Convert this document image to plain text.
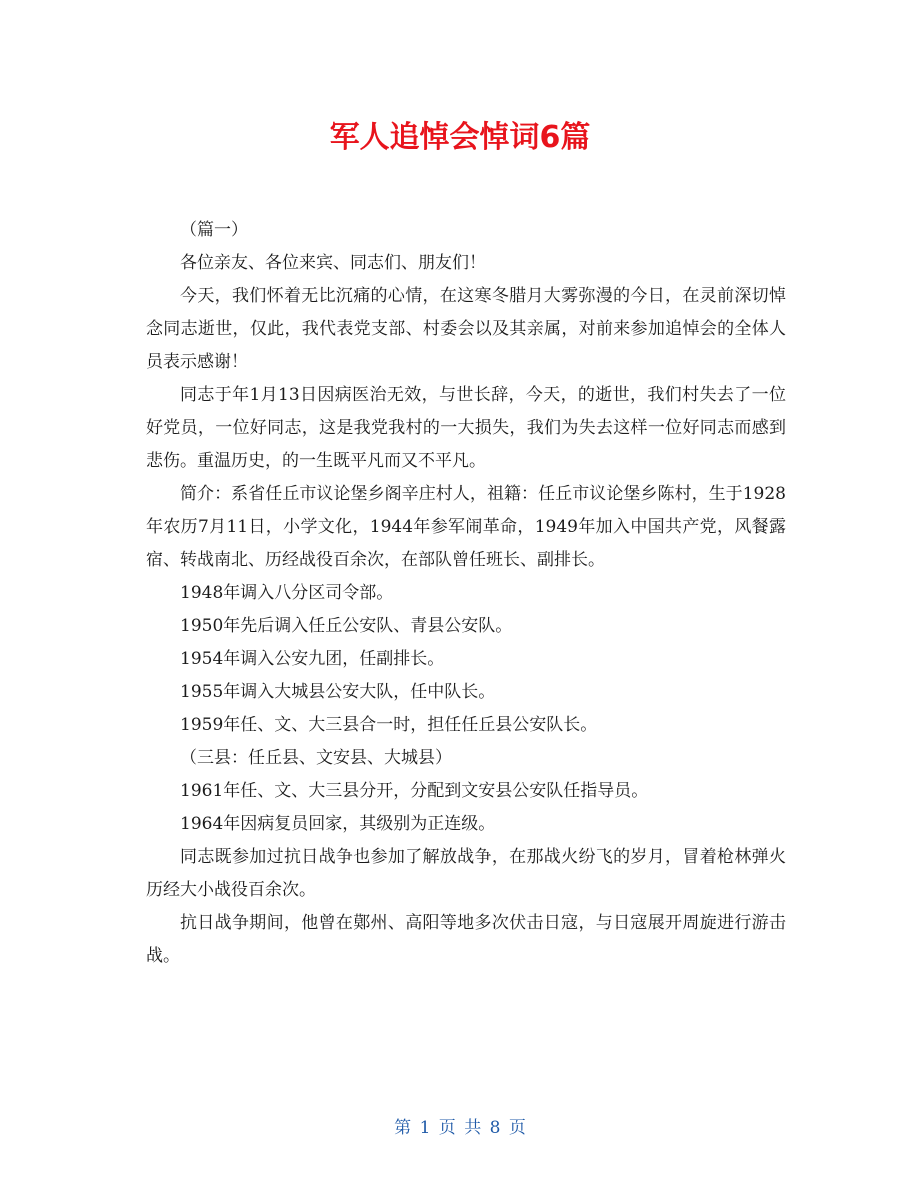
军人追悼会悼词6篇

（篇一）

各位亲友、各位来宾、同志们、朋友们！

今天，我们怀着无比沉痛的心情，在这寒冬腊月大雾弥漫的今日，在灵前深切悼念同志逝世，仅此，我代表党支部、村委会以及其亲属，对前来参加追悼会的全体人员表示感谢！

同志于年1月13日因病医治无效，与世长辞，今天，的逝世，我们村失去了一位好党员，一位好同志，这是我党我村的一大损失，我们为失去这样一位好同志而感到悲伤。重温历史，的一生既平凡而又不平凡。

简介：系省任丘市议论堡乡阁辛庄村人，祖籍：任丘市议论堡乡陈村，生于1928年农历7月11日，小学文化，1944年参军闹革命，1949年加入中国共产党，风餐露宿、转战南北、历经战役百余次，在部队曾任班长、副排长。

1948年调入八分区司令部。

1950年先后调入任丘公安队、青县公安队。

1954年调入公安九团，任副排长。

1955年调入大城县公安大队，任中队长。

1959年任、文、大三县合一时，担任任丘县公安队长。

（三县：任丘县、文安县、大城县）

1961年任、文、大三县分开，分配到文安县公安队任指导员。

1964年因病复员回家，其级别为正连级。

同志既参加过抗日战争也参加了解放战争，在那战火纷飞的岁月，冒着枪林弹火历经大小战役百余次。

抗日战争期间，他曾在鄚州、高阳等地多次伏击日寇，与日寇展开周旋进行游击战。

第 1 页 共 8 页
